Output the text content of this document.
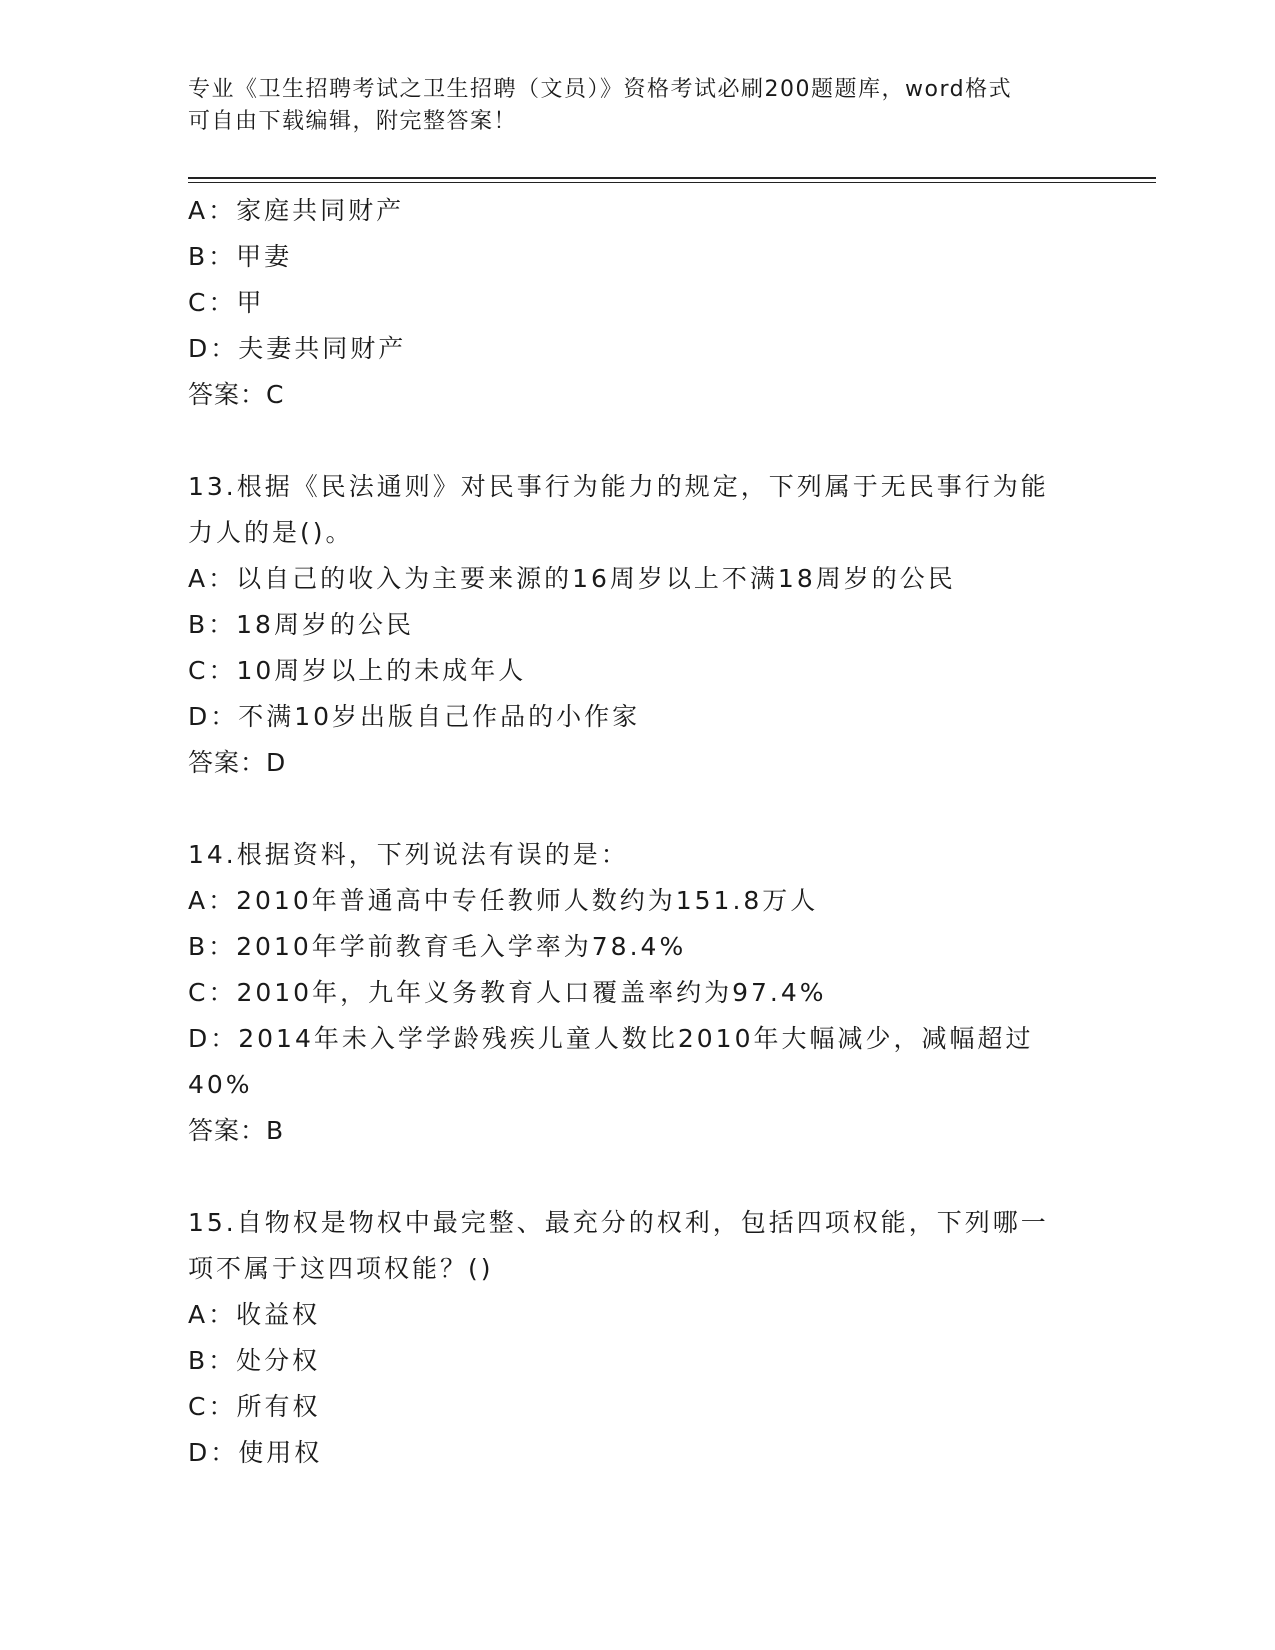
专业《卫生招聘考试之卫生招聘（文员）》资格考试必刷200题题库，word格式
可自由下载编辑，附完整答案！
A：家庭共同财产
B：甲妻
C：甲
D：夫妻共同财产
答案：C
13.根据《民法通则》对民事行为能力的规定，下列属于无民事行为能
力人的是()。
A：以自己的收入为主要来源的16周岁以上不满18周岁的公民
B：18周岁的公民
C：10周岁以上的未成年人
D：不满10岁出版自己作品的小作家
答案：D
14.根据资料，下列说法有误的是：
A：2010年普通高中专任教师人数约为151.8万人
B：2010年学前教育毛入学率为78.4%
C：2010年，九年义务教育人口覆盖率约为97.4%
D：2014年未入学学龄残疾儿童人数比2010年大幅减少，减幅超过
40%
答案：B
15.自物权是物权中最完整、最充分的权利，包括四项权能，下列哪一
项不属于这四项权能？()
A：收益权
B：处分权
C：所有权
D：使用权
